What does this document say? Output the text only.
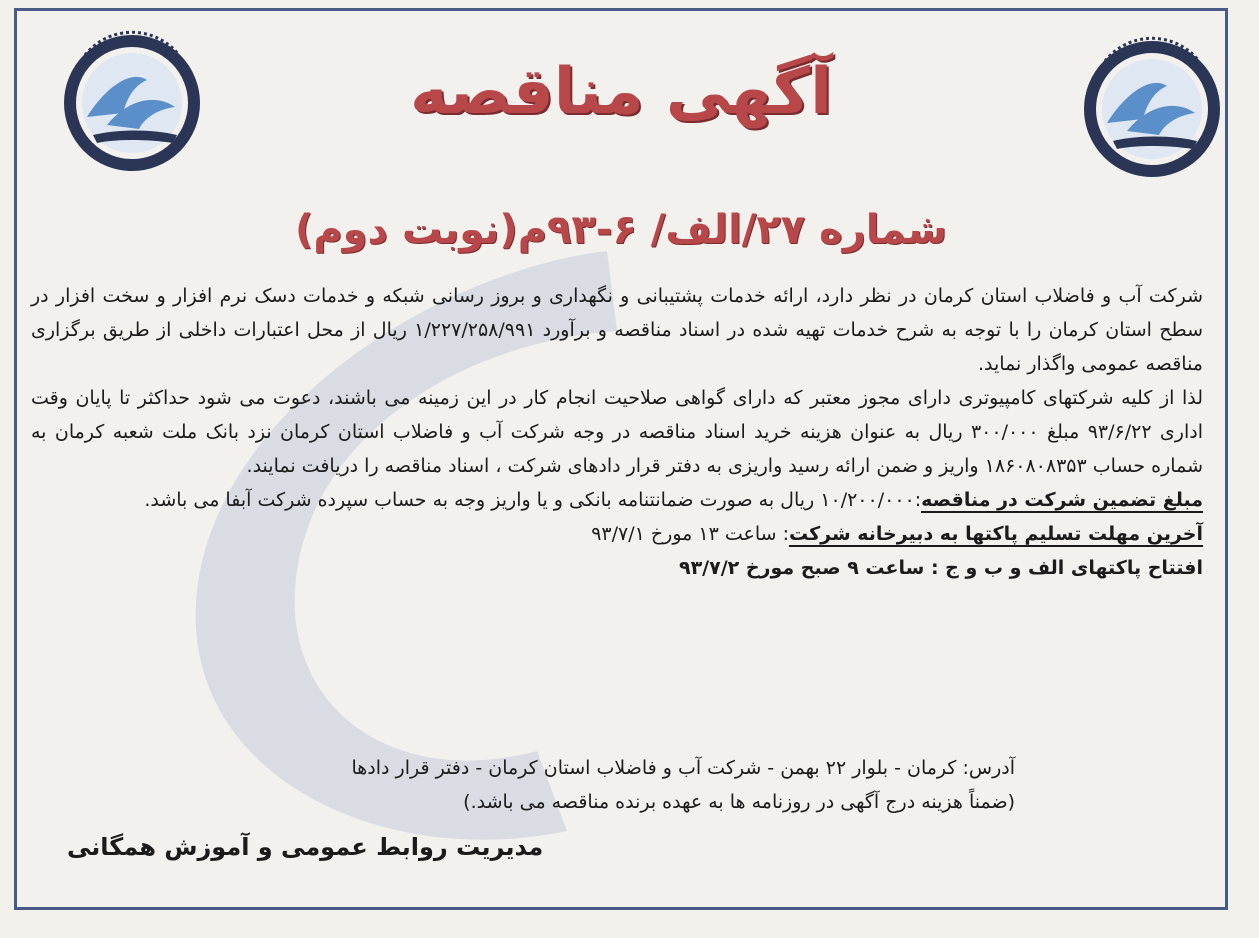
آگهی مناقصه
شماره ۲۷/الف/ ۶-۹۳م(نوبت دوم)

شرکت آب و فاضلاب استان کرمان در نظر دارد، ارائه خدمات پشتیبانی و نگهداری و بروز رسانی شبکه و خدمات دسک نرم افزار و سخت افزار در سطح استان کرمان را با توجه به شرح خدمات تهیه شده در اسناد مناقصه و برآورد ۱/۲۲۷/۲۵۸/۹۹۱ ریال از محل اعتبارات داخلی از طریق برگزاری مناقصه عمومی واگذار نماید.

لذا از کلیه شرکتهای کامپیوتری دارای مجوز معتبر که دارای گواهی صلاحیت انجام کار در این زمینه می باشند، دعوت می شود حداکثر تا پایان وقت اداری ۹۳/۶/۲۲ مبلغ ۳۰۰/۰۰۰ ریال به عنوان هزینه خرید اسناد مناقصه در وجه شرکت آب و فاضلاب استان کرمان نزد بانک ملت شعبه کرمان به شماره حساب ۱۸۶۰۸۰۸۳۵۳ واریز و ضمن ارائه رسید واریزی به دفتر قرار دادهای شرکت ، اسناد مناقصه را دریافت نمایند.

مبلغ تضمین شرکت در مناقصه:۱۰/۲۰۰/۰۰۰ ریال به صورت ضمانتنامه بانکی و یا واریز وجه به حساب سپرده شرکت آبفا می باشد.

آخرین مهلت تسلیم پاکتها به دبیرخانه شرکت: ساعت ۱۳ مورخ ۹۳/۷/۱

افتتاح پاکتهای الف و ب و ج : ساعت ۹ صبح مورخ ۹۳/۷/۲

آدرس: کرمان - بلوار ۲۲ بهمن - شرکت آب و فاضلاب استان کرمان - دفتر قرار دادها
(ضمناً هزینه درج آگهی در روزنامه ها به عهده برنده مناقصه می باشد.)
مدیریت روابط عمومی و آموزش همگانی
